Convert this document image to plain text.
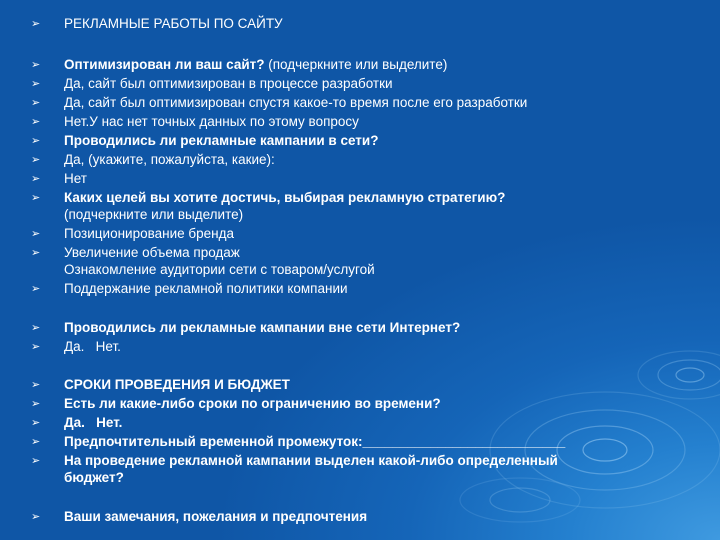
➢ РЕКЛАМНЫЕ РАБОТЫ ПО САЙТУ
➢ Оптимизирован ли ваш сайт? (подчеркните или выделите)
➢ Да, сайт был оптимизирован в процессе разработки
➢ Да, сайт был оптимизирован спустя какое-то время после его разработки
➢ Нет.У нас нет точных данных по этому вопросу
➢ Проводились ли рекламные кампании в сети?
➢ Да, (укажите, пожалуйста, какие):
➢ Нет
➢ Каких целей вы хотите достичь, выбирая рекламную стратегию?
(подчеркните или выделите)
➢ Позиционирование бренда
➢ Увеличение объема продаж
Ознакомление аудитории сети с товаром/услугой
➢ Поддержание рекламной политики компании
➢ Проводились ли рекламные кампании вне сети Интернет?
➢ Да.   Нет.
➢ СРОКИ ПРОВЕДЕНИЯ И БЮДЖЕТ
➢ Есть ли какие-либо сроки по ограничению во времени?
➢ Да.   Нет.
➢ Предпочтительный временной промежуток:___________________________
➢ На проведение рекламной кампании выделен какой-либо определенный
бюджет?
➢ Ваши замечания, пожелания и предпочтения
